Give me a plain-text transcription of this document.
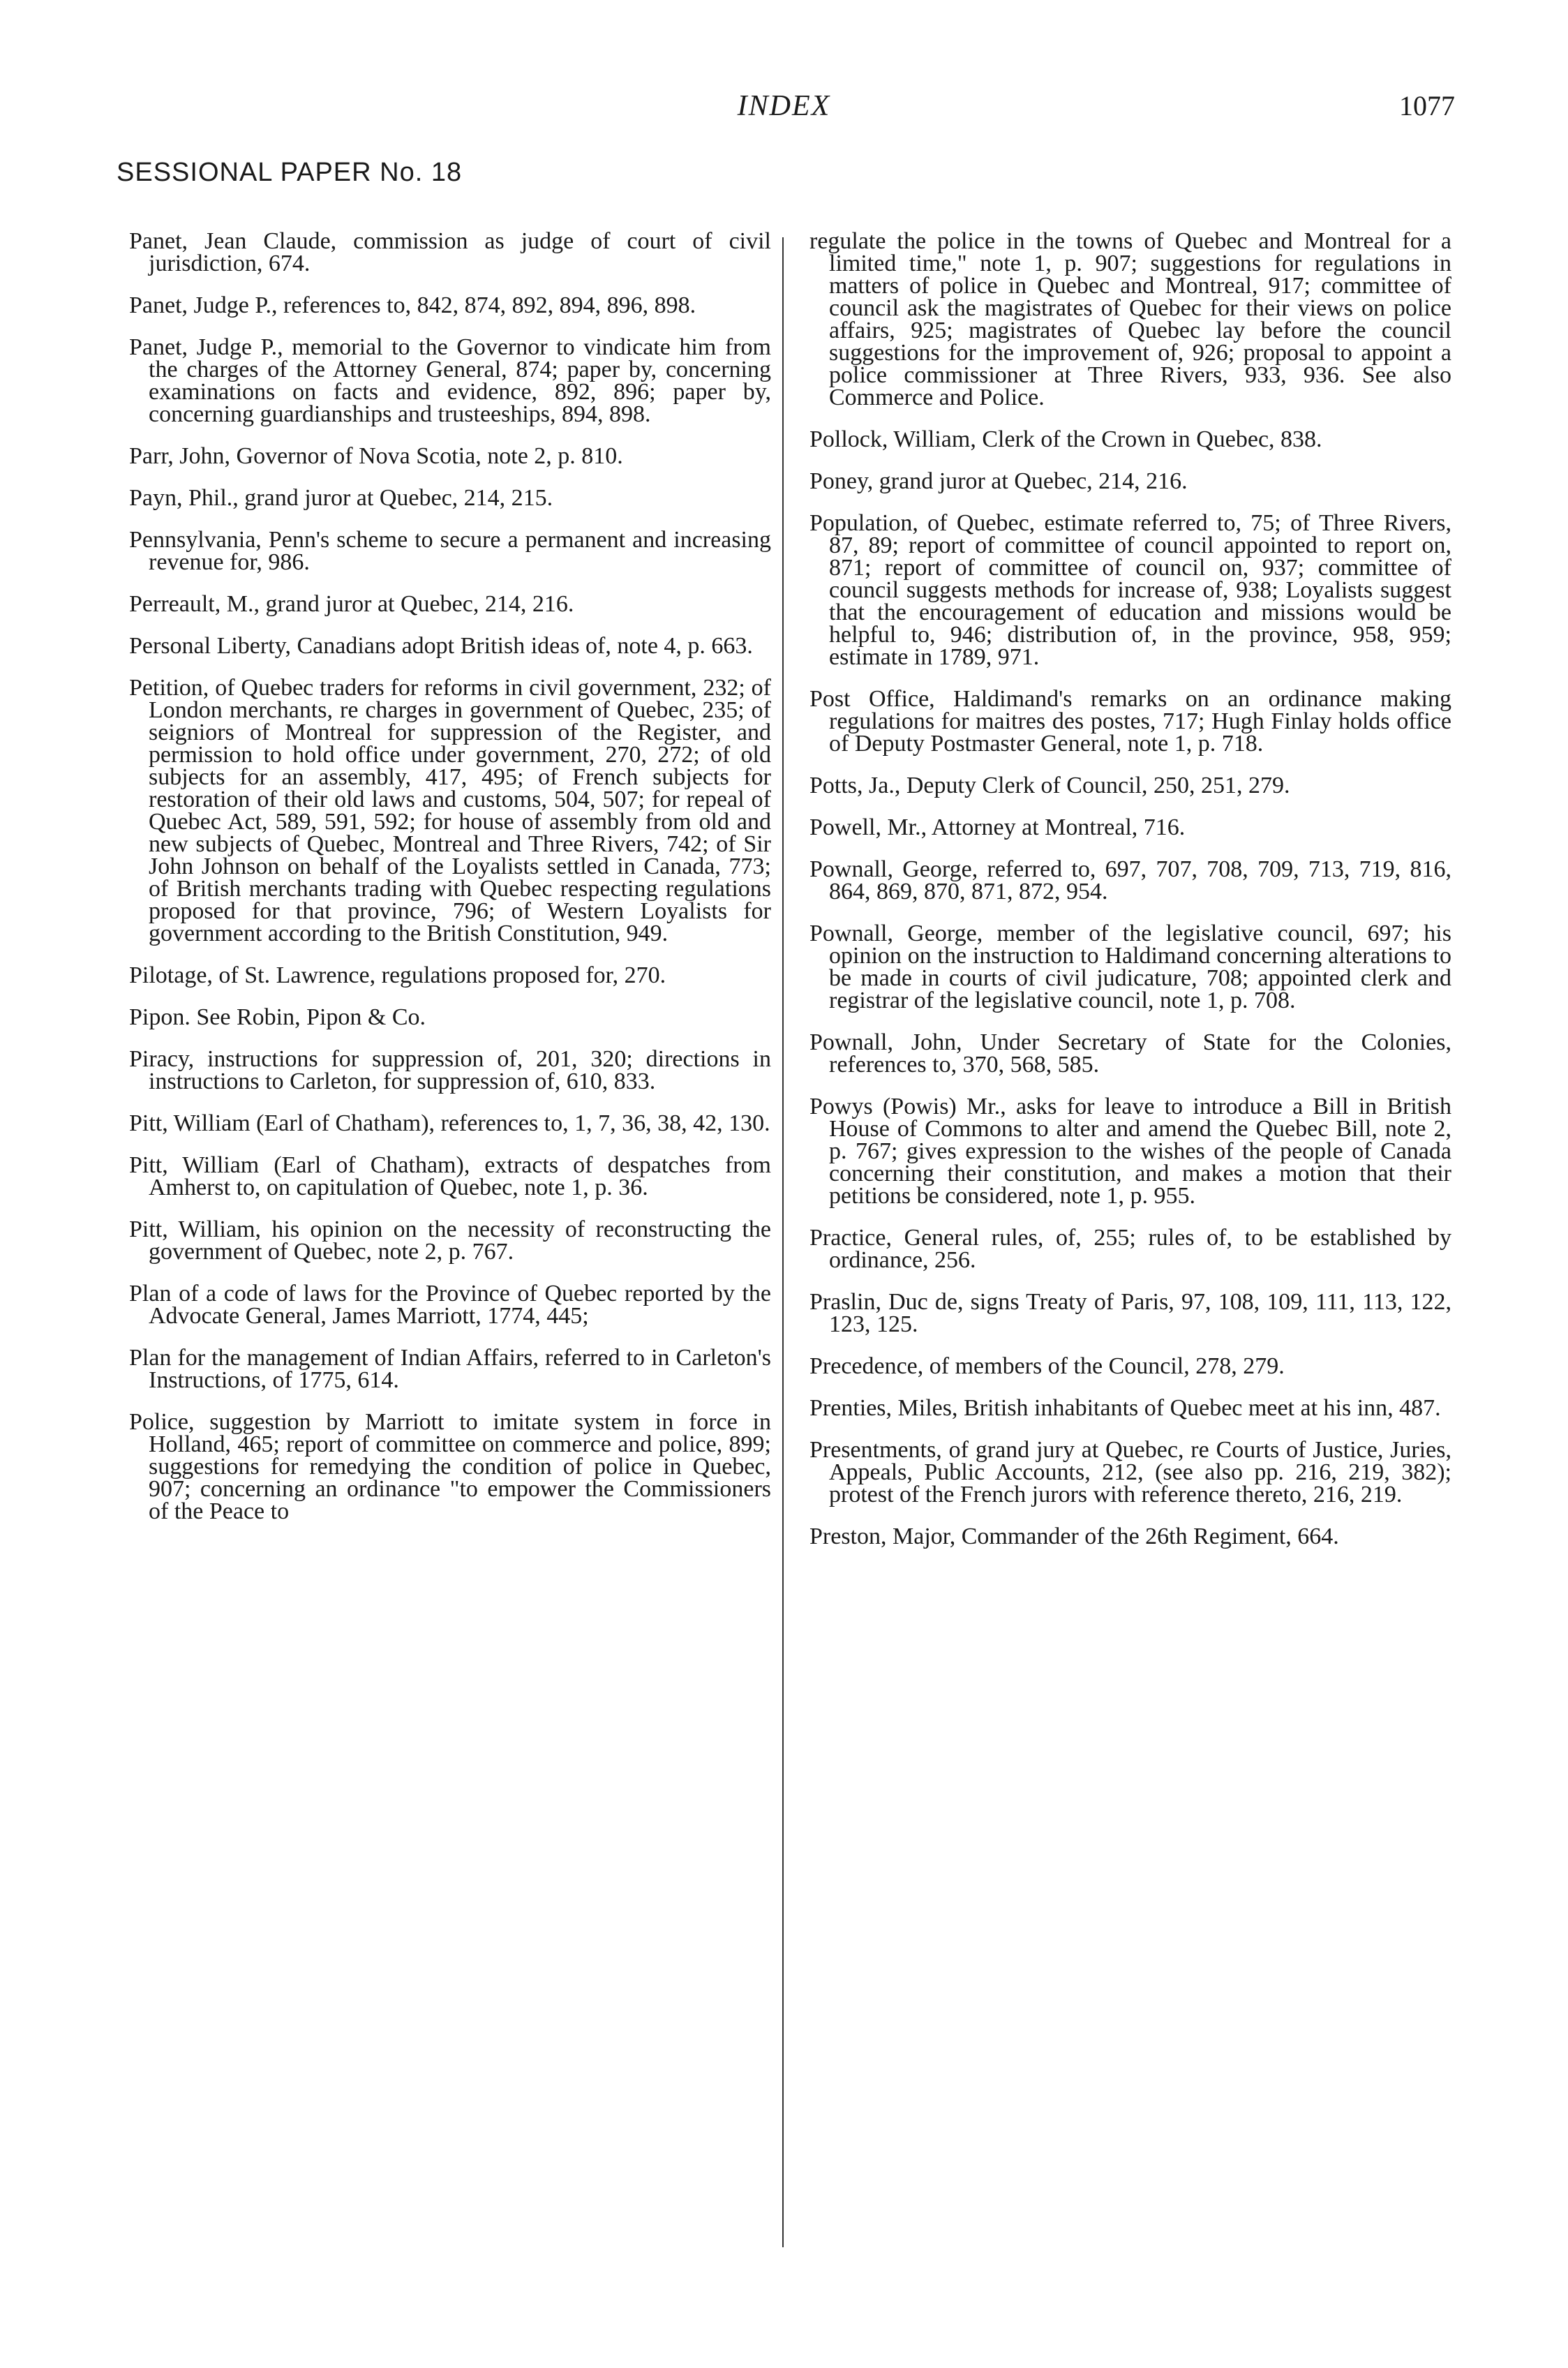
INDEX	1077
SESSIONAL PAPER No. 18

Panet, Jean Claude, commission as judge of court of civil jurisdiction, 674.

Panet, Judge P., references to, 842, 874, 892, 894, 896, 898.

Panet, Judge P., memorial to the Governor to vindicate him from the charges of the Attorney General, 874; paper by, concerning examinations on facts and evidence, 892, 896; paper by, concerning guardianships and trusteeships, 894, 898.

Parr, John, Governor of Nova Scotia, note 2, p. 810.

Payn, Phil., grand juror at Quebec, 214, 215.

Pennsylvania, Penn's scheme to secure a permanent and increasing revenue for, 986.

Perreault, M., grand juror at Quebec, 214, 216.

Personal Liberty, Canadians adopt British ideas of, note 4, p. 663.

Petition, of Quebec traders for reforms in civil government, 232; of London merchants, re charges in government of Quebec, 235; of seigniors of Montreal for suppression of the Register, and permission to hold office under government, 270, 272; of old subjects for an assembly, 417, 495; of French subjects for restoration of their old laws and customs, 504, 507; for repeal of Quebec Act, 589, 591, 592; for house of assembly from old and new subjects of Quebec, Montreal and Three Rivers, 742; of Sir John Johnson on behalf of the Loyalists settled in Canada, 773; of British merchants trading with Quebec respecting regulations proposed for that province, 796; of Western Loyalists for government according to the British Constitution, 949.

Pilotage, of St. Lawrence, regulations proposed for, 270.

Pipon. See Robin, Pipon & Co.

Piracy, instructions for suppression of, 201, 320; directions in instructions to Carleton, for suppression of, 610, 833.

Pitt, William (Earl of Chatham), references to, 1, 7, 36, 38, 42, 130.

Pitt, William (Earl of Chatham), extracts of despatches from Amherst to, on capitulation of Quebec, note 1, p. 36.

Pitt, William, his opinion on the necessity of reconstructing the government of Quebec, note 2, p. 767.

Plan of a code of laws for the Province of Quebec reported by the Advocate General, James Marriott, 1774, 445;

Plan for the management of Indian Affairs, referred to in Carleton's Instructions, of 1775, 614.

Police, suggestion by Marriott to imitate system in force in Holland, 465; report of committee on commerce and police, 899; suggestions for remedying the condition of police in Quebec, 907; concerning an ordinance "to empower the Commissioners of the Peace to

regulate the police in the towns of Quebec and Montreal for a limited time," note 1, p. 907; suggestions for regulations in matters of police in Quebec and Montreal, 917; committee of council ask the magistrates of Quebec for their views on police affairs, 925; magistrates of Quebec lay before the council suggestions for the improvement of, 926; proposal to appoint a police commissioner at Three Rivers, 933, 936. See also Commerce and Police.

Pollock, William, Clerk of the Crown in Quebec, 838.

Poney, grand juror at Quebec, 214, 216.

Population, of Quebec, estimate referred to, 75; of Three Rivers, 87, 89; report of committee of council appointed to report on, 871; report of committee of council on, 937; committee of council suggests methods for increase of, 938; Loyalists suggest that the encouragement of education and missions would be helpful to, 946; distribution of, in the province, 958, 959; estimate in 1789, 971.

Post Office, Haldimand's remarks on an ordinance making regulations for maitres des postes, 717; Hugh Finlay holds office of Deputy Postmaster General, note 1, p. 718.

Potts, Ja., Deputy Clerk of Council, 250, 251, 279.

Powell, Mr., Attorney at Montreal, 716.

Pownall, George, referred to, 697, 707, 708, 709, 713, 719, 816, 864, 869, 870, 871, 872, 954.

Pownall, George, member of the legislative council, 697; his opinion on the instruction to Haldimand concerning alterations to be made in courts of civil judicature, 708; appointed clerk and registrar of the legislative council, note 1, p. 708.

Pownall, John, Under Secretary of State for the Colonies, references to, 370, 568, 585.

Powys (Powis) Mr., asks for leave to introduce a Bill in British House of Commons to alter and amend the Quebec Bill, note 2, p. 767; gives expression to the wishes of the people of Canada concerning their constitution, and makes a motion that their petitions be considered, note 1, p. 955.

Practice, General rules, of, 255; rules of, to be established by ordinance, 256.

Praslin, Duc de, signs Treaty of Paris, 97, 108, 109, 111, 113, 122, 123, 125.

Precedence, of members of the Council, 278, 279.

Prenties, Miles, British inhabitants of Quebec meet at his inn, 487.

Presentments, of grand jury at Quebec, re Courts of Justice, Juries, Appeals, Public Accounts, 212, (see also pp. 216, 219, 382); protest of the French jurors with reference thereto, 216, 219.

Preston, Major, Commander of the 26th Regiment, 664.
